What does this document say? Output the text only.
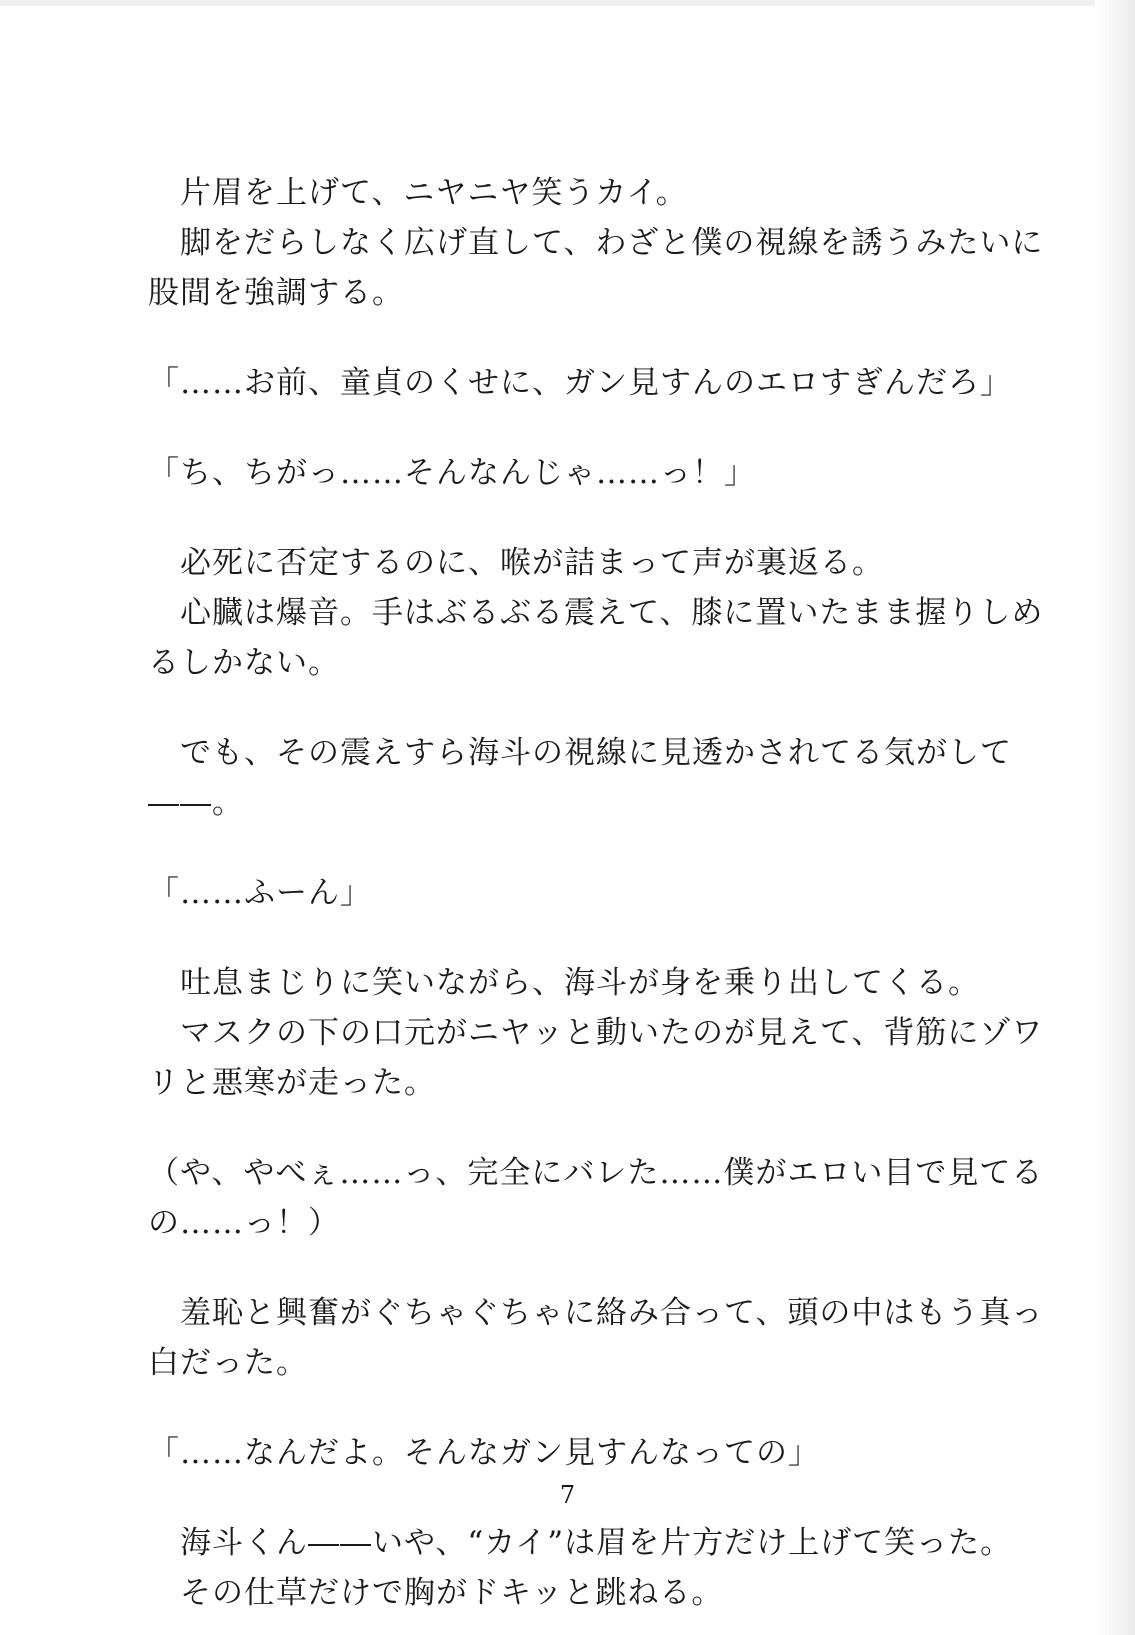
　片眉を上げて、ニヤニヤ笑うカイ。

　脚をだらしなく広げ直して、わざと僕の視線を誘うみたいに

股間を強調する。

「……お前、童貞のくせに、ガン見すんのエロすぎんだろ」

「ち、ちがっ……そんなんじゃ……っ！」

　必死に否定するのに、喉が詰まって声が裏返る。

　心臓は爆音。手はぶるぶる震えて、膝に置いたまま握りしめ

るしかない。

　でも、その震えすら海斗の視線に見透かされてる気がして

――。

「……ふーん」

　吐息まじりに笑いながら、海斗が身を乗り出してくる。

　マスクの下の口元がニヤッと動いたのが見えて、背筋にゾワ

リと悪寒が走った。

（や、やべぇ……っ、完全にバレた……僕がエロい目で見てる

の……っ！）

　羞恥と興奮がぐちゃぐちゃに絡み合って、頭の中はもう真っ

白だった。

「……なんだよ。そんなガン見すんなっての」

　海斗くん――いや、“カイ”は眉を片方だけ上げて笑った。

　その仕草だけで胸がドキッと跳ねる。

7
